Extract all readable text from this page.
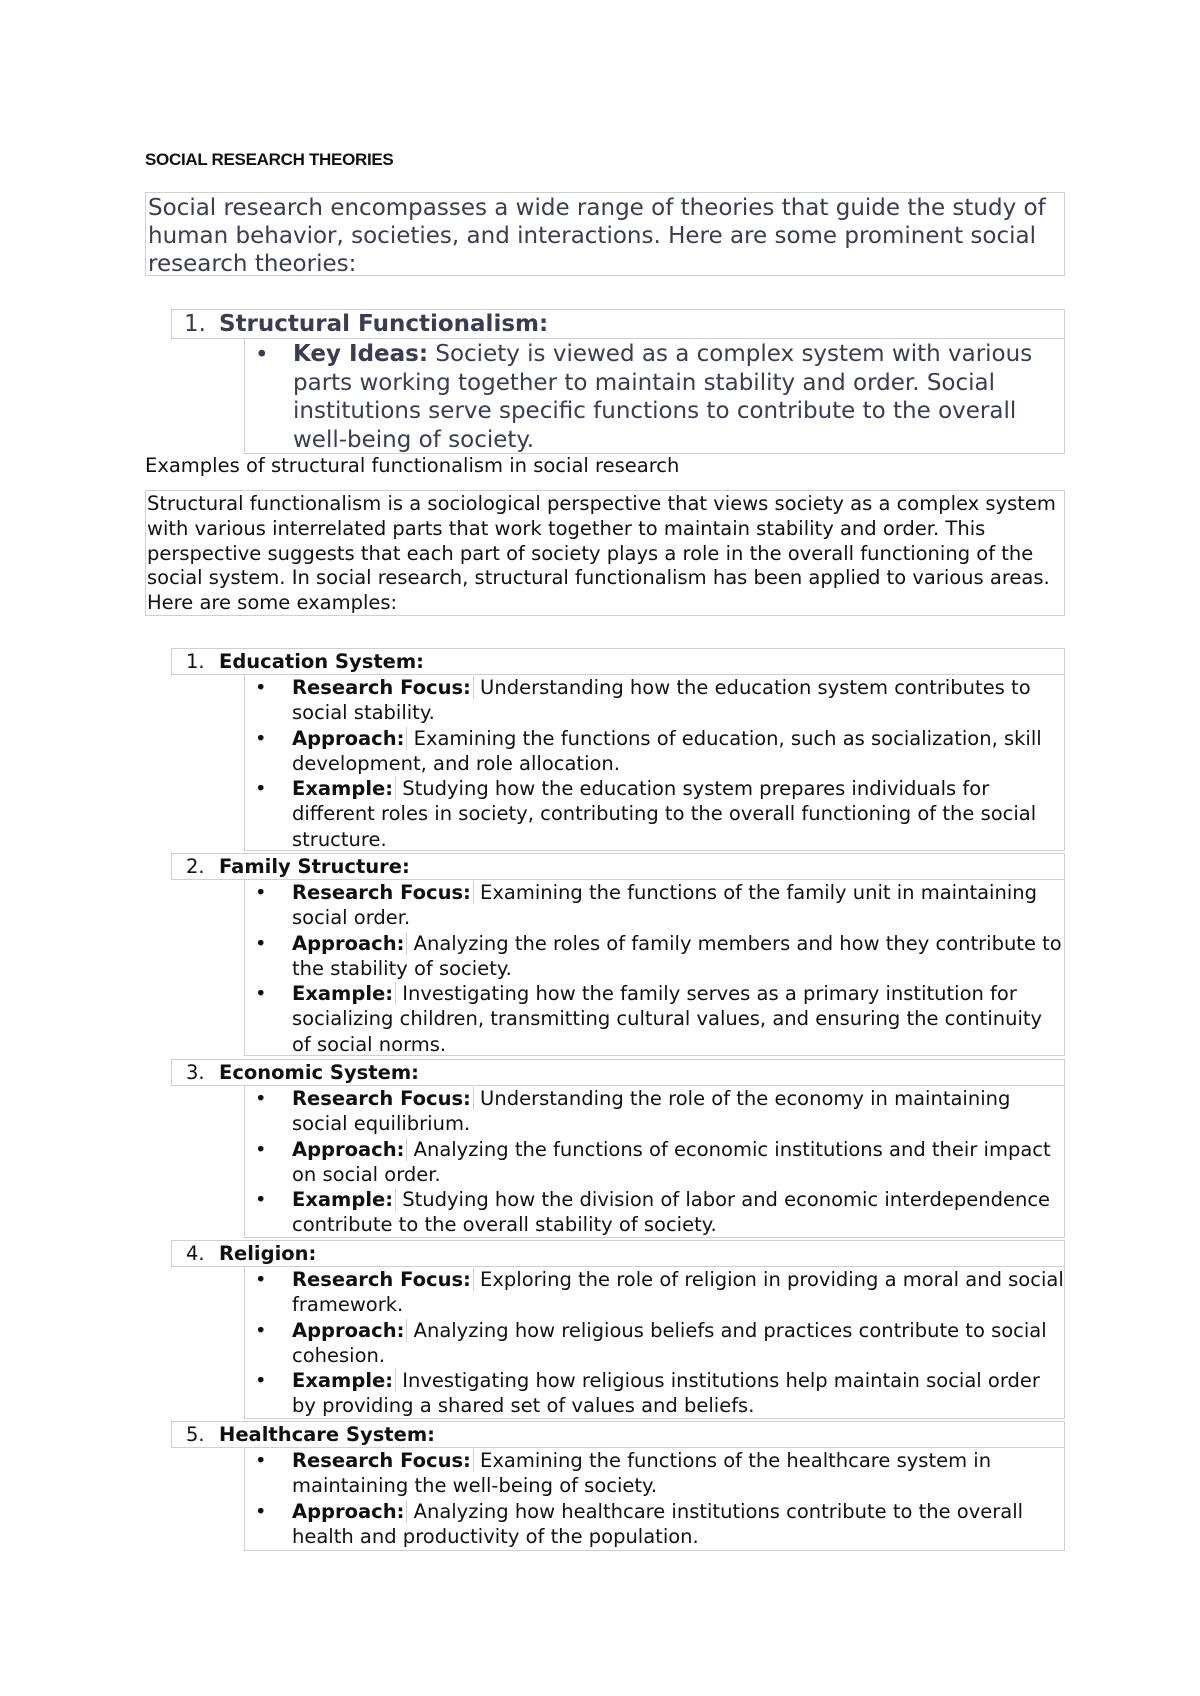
SOCIAL RESEARCH THEORIES
Social research encompasses a wide range of theories that guide the study of human behavior, societies, and interactions. Here are some prominent social research theories:
1. Structural Functionalism:
• Key Ideas: Society is viewed as a complex system with various parts working together to maintain stability and order. Social institutions serve specific functions to contribute to the overall well-being of society.
Examples of structural functionalism in social research
Structural functionalism is a sociological perspective that views society as a complex system with various interrelated parts that work together to maintain stability and order. This perspective suggests that each part of society plays a role in the overall functioning of the social system. In social research, structural functionalism has been applied to various areas. Here are some examples:
1. Education System:
• Research Focus: Understanding how the education system contributes to social stability.
• Approach: Examining the functions of education, such as socialization, skill development, and role allocation.
• Example: Studying how the education system prepares individuals for different roles in society, contributing to the overall functioning of the social structure.
2. Family Structure:
• Research Focus: Examining the functions of the family unit in maintaining social order.
• Approach: Analyzing the roles of family members and how they contribute to the stability of society.
• Example: Investigating how the family serves as a primary institution for socializing children, transmitting cultural values, and ensuring the continuity of social norms.
3. Economic System:
• Research Focus: Understanding the role of the economy in maintaining social equilibrium.
• Approach: Analyzing the functions of economic institutions and their impact on social order.
• Example: Studying how the division of labor and economic interdependence contribute to the overall stability of society.
4. Religion:
• Research Focus: Exploring the role of religion in providing a moral and social framework.
• Approach: Analyzing how religious beliefs and practices contribute to social cohesion.
• Example: Investigating how religious institutions help maintain social order by providing a shared set of values and beliefs.
5. Healthcare System:
• Research Focus: Examining the functions of the healthcare system in maintaining the well-being of society.
• Approach: Analyzing how healthcare institutions contribute to the overall health and productivity of the population.
